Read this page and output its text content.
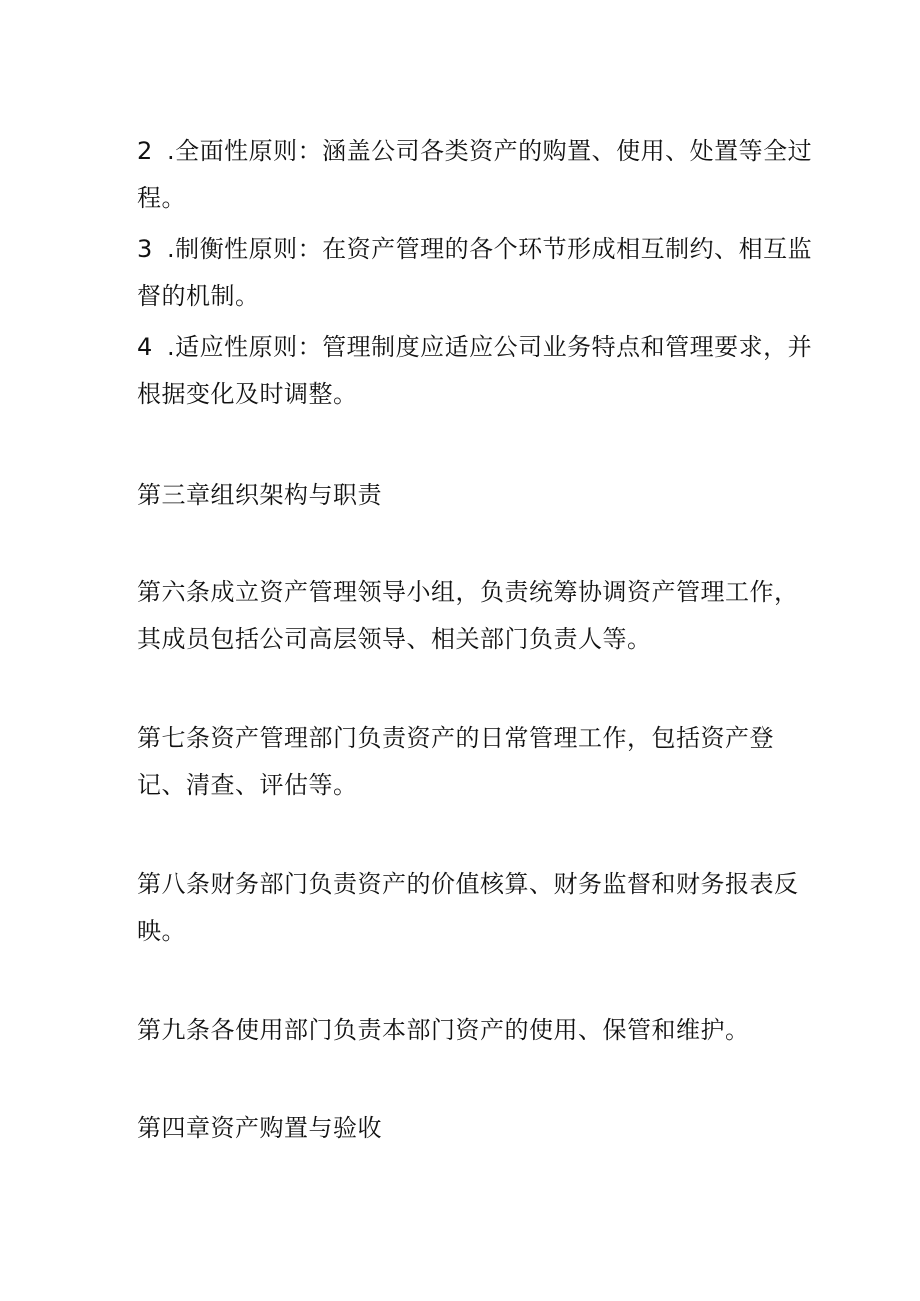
2 .全面性原则：涵盖公司各类资产的购置、使用、处置等全过
程。
3 .制衡性原则：在资产管理的各个环节形成相互制约、相互监
督的机制。
4 .适应性原则：管理制度应适应公司业务特点和管理要求，并
根据变化及时调整。
第三章组织架构与职责
第六条成立资产管理领导小组，负责统筹协调资产管理工作，
其成员包括公司高层领导、相关部门负责人等。
第七条资产管理部门负责资产的日常管理工作，包括资产登
记、清查、评估等。
第八条财务部门负责资产的价值核算、财务监督和财务报表反
映。
第九条各使用部门负责本部门资产的使用、保管和维护。
第四章资产购置与验收
